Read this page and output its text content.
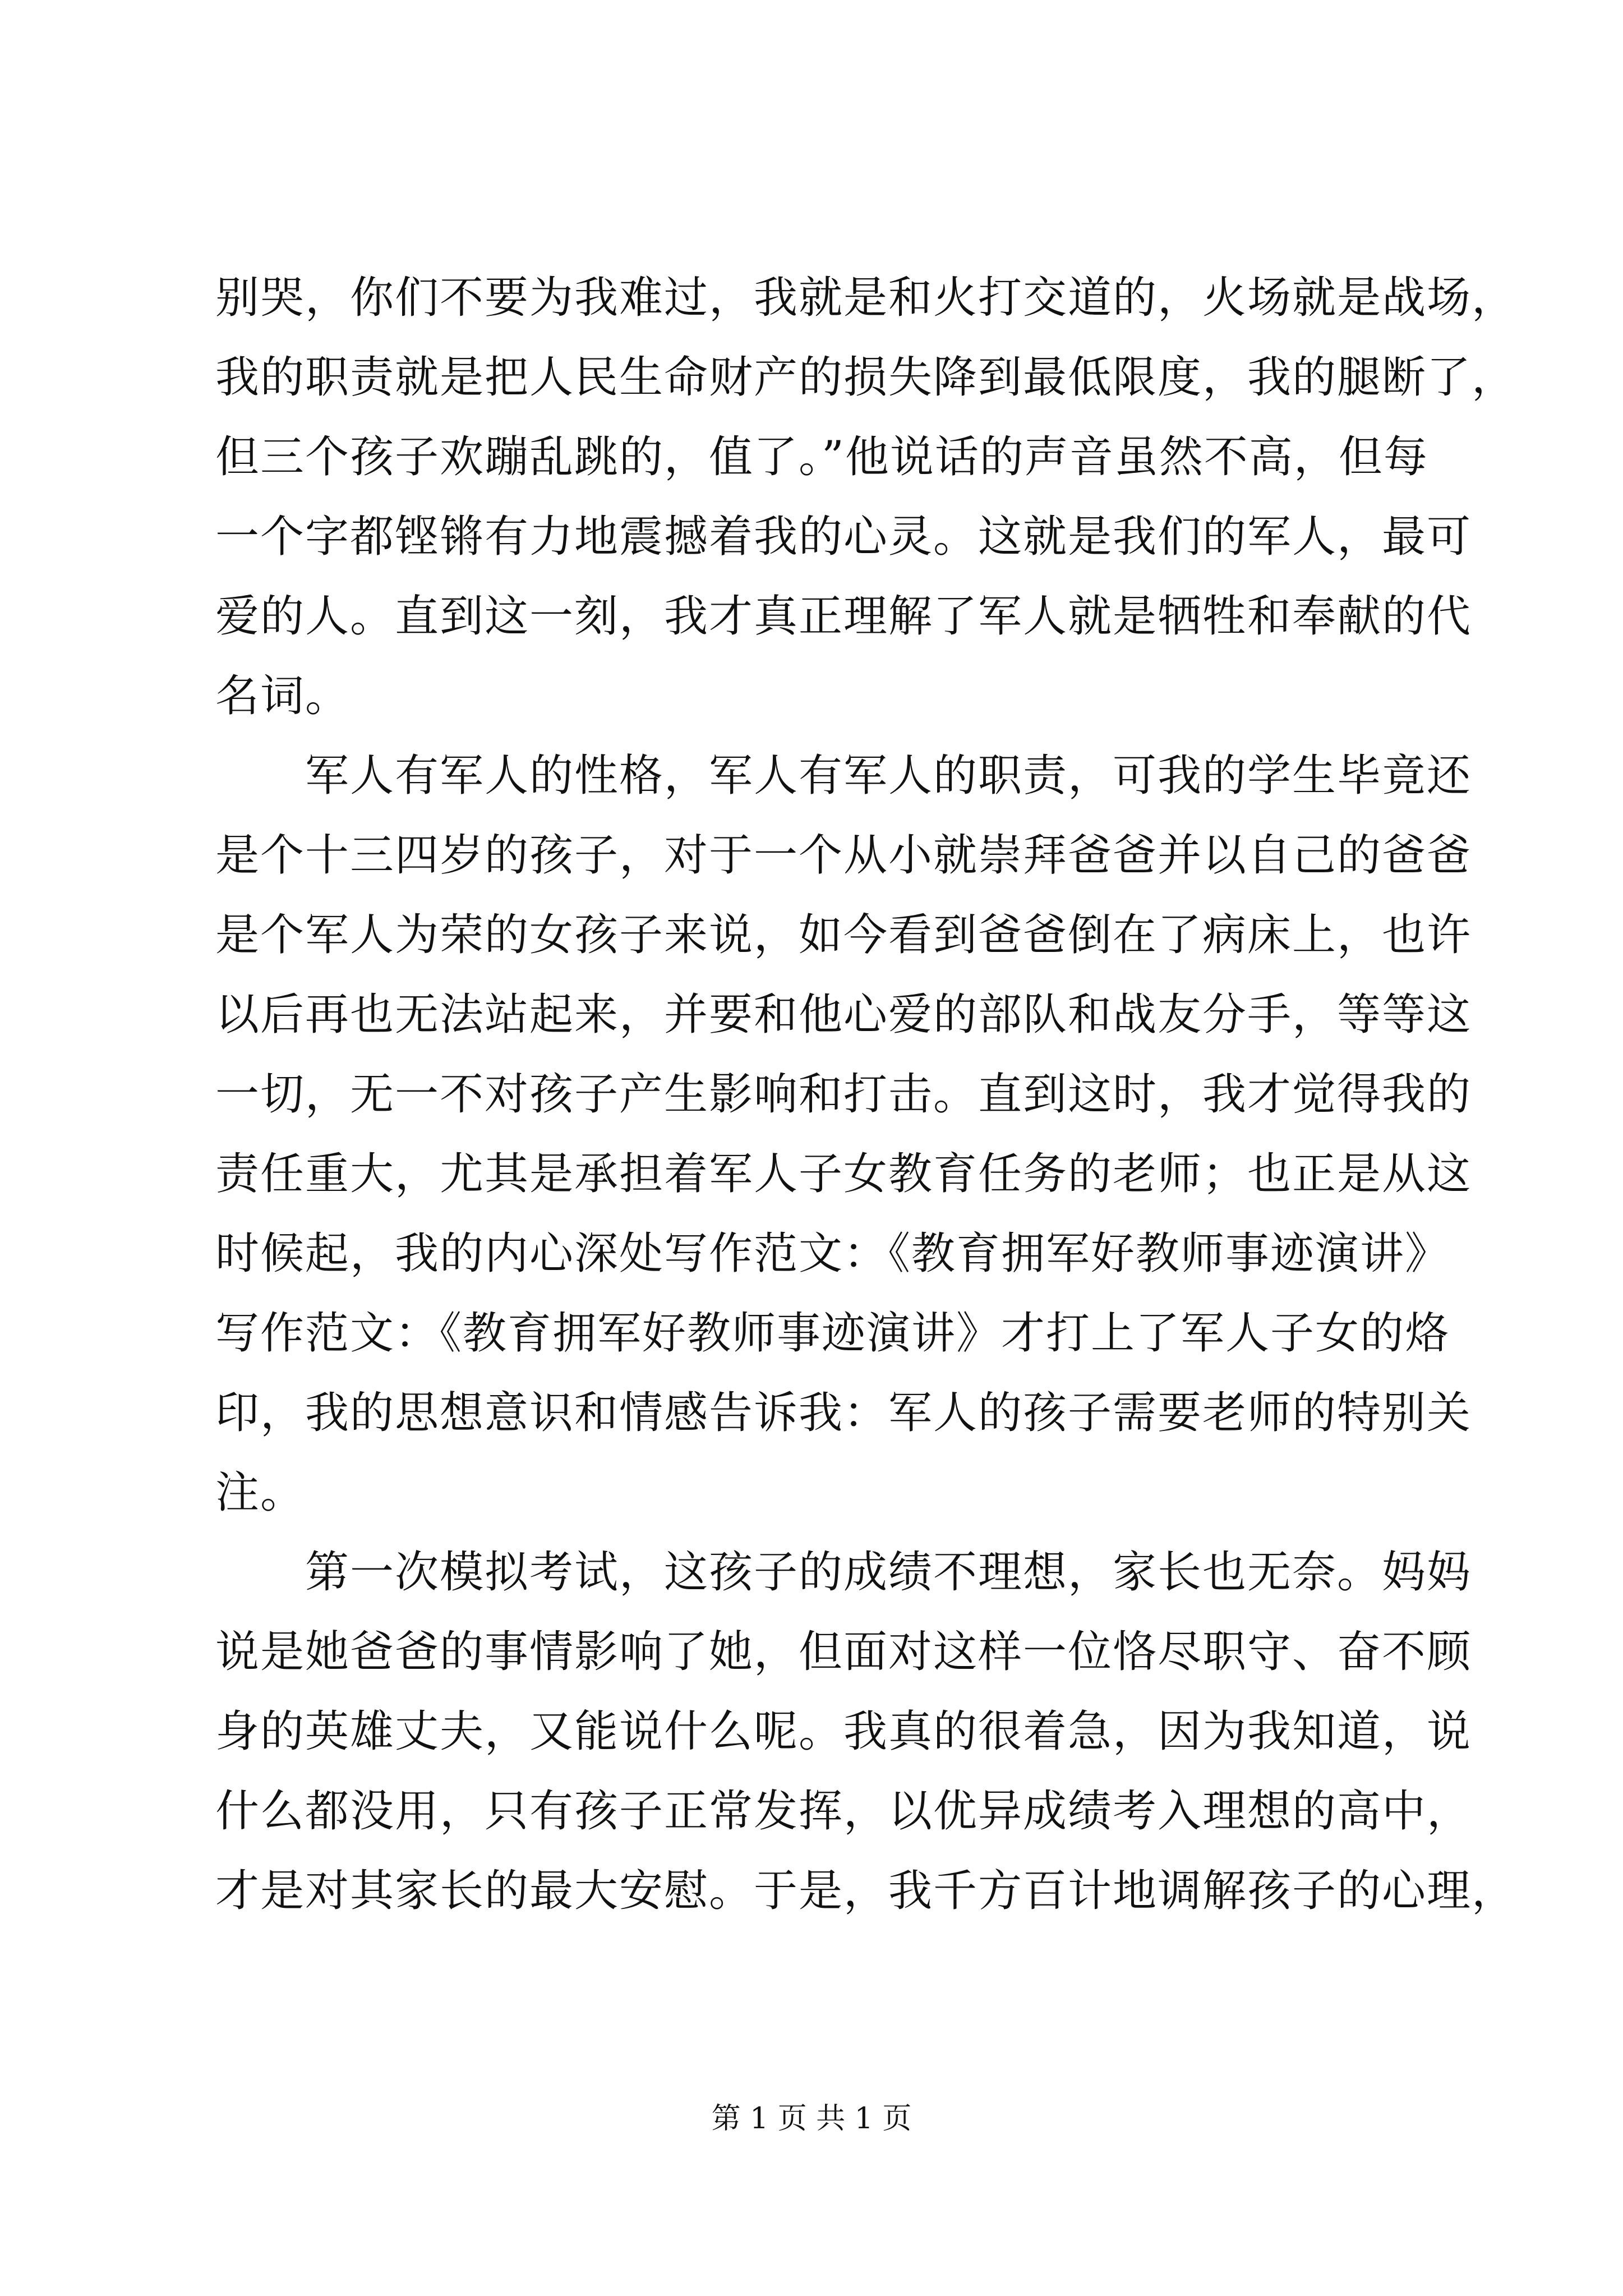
别哭，你们不要为我难过，我就是和火打交道的，火场就是战场，
我的职责就是把人民生命财产的损失降到最低限度，我的腿断了，
但三个孩子欢蹦乱跳的，值了。”他说话的声音虽然不高，但每
一个字都铿锵有力地震撼着我的心灵。这就是我们的军人，最可
爱的人。直到这一刻，我才真正理解了军人就是牺牲和奉献的代
名词。
军人有军人的性格，军人有军人的职责，可我的学生毕竟还
是个十三四岁的孩子，对于一个从小就崇拜爸爸并以自己的爸爸
是个军人为荣的女孩子来说，如今看到爸爸倒在了病床上，也许
以后再也无法站起来，并要和他心爱的部队和战友分手，等等这
一切，无一不对孩子产生影响和打击。直到这时，我才觉得我的
责任重大，尤其是承担着军人子女教育任务的老师；也正是从这
时候起，我的内心深处写作范文：《教育拥军好教师事迹演讲》
写作范文：《教育拥军好教师事迹演讲》才打上了军人子女的烙
印，我的思想意识和情感告诉我：军人的孩子需要老师的特别关
注。
第一次模拟考试，这孩子的成绩不理想，家长也无奈。妈妈
说是她爸爸的事情影响了她，但面对这样一位恪尽职守、奋不顾
身的英雄丈夫，又能说什么呢。我真的很着急，因为我知道，说
什么都没用，只有孩子正常发挥，以优异成绩考入理想的高中，
才是对其家长的最大安慰。于是，我千方百计地调解孩子的心理，
第 1 页 共 1 页
